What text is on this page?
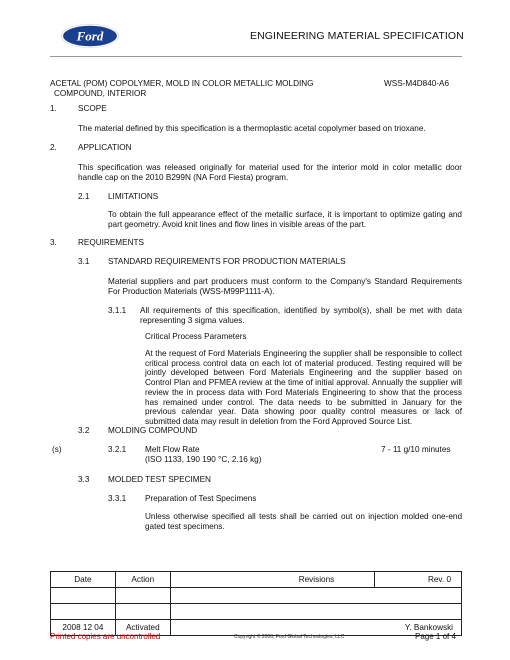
Ford	ENGINEERING MATERIAL SPECIFICATION
ACETAL (POM) COPOLYMER, MOLD IN COLOR METALLIC MOLDING
COMPOUND, INTERIOR
WSS-M4D840-A6
1.	SCOPE
The material defined by this specification is a thermoplastic acetal copolymer based on trioxane.
2.	APPLICATION
This specification was released originally for material used for the interior mold in color metallic door handle cap on the 2010 B299N (NA Ford Fiesta) program.
2.1 LIMITATIONS
To obtain the full appearance effect of the metallic surface, it is important to optimize gating and part geometry. Avoid knit lines and flow lines in visible areas of the part.
3.	REQUIREMENTS
3.1 STANDARD REQUIREMENTS FOR PRODUCTION MATERIALS
Material suppliers and part producers must conform to the Company's Standard Requirements For Production Materials (WSS-M99P1111-A).
3.1.1 All requirements of this specification, identified by symbol(s), shall be met with data representing 3 sigma values.
Critical Process Parameters
At the request of Ford Materials Engineering the supplier shall be responsible to collect critical process control data on each lot of material produced. Testing required will be jointly developed between Ford Materials Engineering and the supplier based on Control Plan and PFMEA review at the time of initial approval. Annually the supplier will review the in process data with Ford Materials Engineering to show that the process has remained under control. The data needs to be submitted in January for the previous calendar year. Data showing poor quality control measures or lack of submitted data may result in deletion from the Ford Approved Source List.
3.2 MOLDING COMPOUND
(s)	3.2.1 Melt Flow Rate
(ISO 1133, 190 190 °C, 2.16 kg)
7 - 11 g/10 minutes
3.3 MOLDED TEST SPECIMEN
3.3.1 Preparation of Test Specimens
Unless otherwise specified all tests shall be carried out on injection molded one-end gated test specimens.
Date	Action	Revisions	Rev. 0

2008 12 04	Activated	Y. Bankowski	
Printed copies are uncontrolled	Copyright © 2008, Ford Global Technologies, LLC	Page 1 of 4
